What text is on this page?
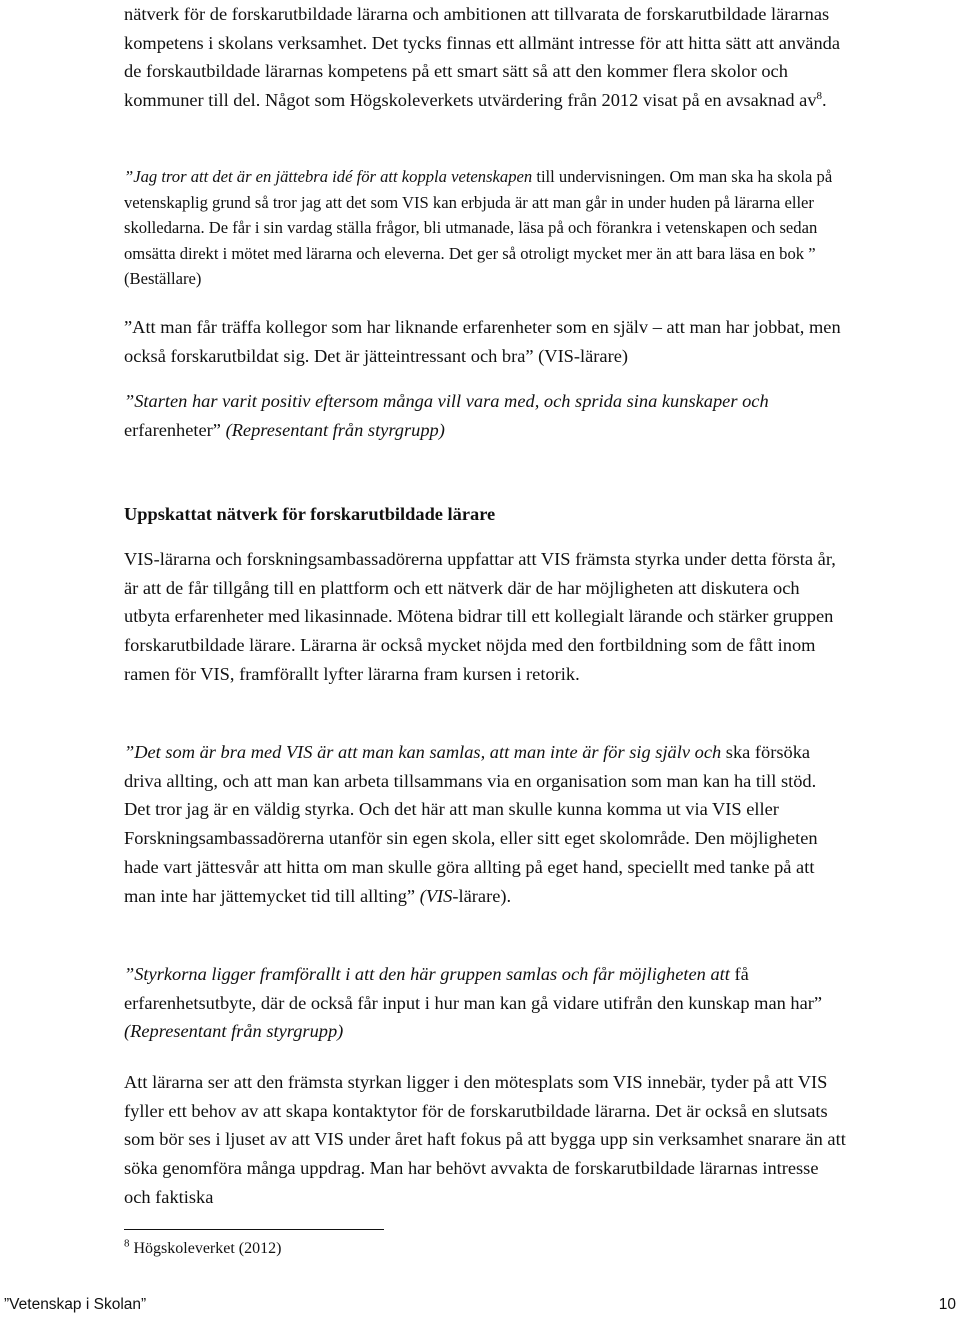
nätverk för de forskarutbildade lärarna och ambitionen att tillvarata de forskarutbildade lärarnas kompetens i skolans verksamhet. Det tycks finnas ett allmänt intresse för att hitta sätt att använda de forskautbildade lärarnas kompetens på ett smart sätt så att den kommer flera skolor och kommuner till del. Något som Högskoleverkets utvärdering från 2012 visat på en avsaknad $av^8$.

”Jag tror att det är en jättebra idé för att koppla vetenskapen till undervisningen. Om man ska ha skola på vetenskaplig grund så tror jag att det som VIS kan erbjuda är att man går in under huden på lärarna eller skolledarna. De får i sin vardag ställa frågor, bli utmanade, läsa på och förankra i vetenskapen och sedan omsätta direkt i mötet med lärarna och eleverna. Det ger så otroligt mycket mer än att bara läsa en bok ” (Beställare)

”Att man får träffa kollegor som har liknande erfarenheter som en själv – att man har jobbat, men också forskarutbildat sig. Det är jätteintressant och bra” (VIS-lärare)

”Starten har varit positiv eftersom många vill vara med, och sprida sina kunskaper och erfarenheter” (Representant från styrgrupp)

Uppskattat nätverk för forskarutbildade lärare

VIS-lärarna och forskningsambassadörerna uppfattar att VIS främsta styrka under detta första år, är att de får tillgång till en plattform och ett nätverk där de har möjligheten att diskutera och utbyta erfarenheter med likasinnade. Mötena bidrar till ett kollegialt lärande och stärker gruppen forskarutbildade lärare. Lärarna är också mycket nöjda med den fortbildning som de fått inom ramen för VIS, framförallt lyfter lärarna fram kursen i retorik.

”Det som är bra med VIS är att man kan samlas, att man inte är för sig själv och ska försöka driva allting, och att man kan arbeta tillsammans via en organisation som man kan ha till stöd. Det tror jag är en väldig styrka. Och det här att man skulle kunna komma ut via VIS eller Forskningsambassadörerna utanför sin egen skola, eller sitt eget skolområde. Den möjligheten hade vart jättesvår att hitta om man skulle göra allting på eget hand, speciellt med tanke på att man inte har jättemycket tid till allting” (VIS-lärare).

”Styrkorna ligger framförallt i att den här gruppen samlas och får möjligheten att få erfarenhetsutbyte, där de också får input i hur man kan gå vidare utifrån den kunskap man har” (Representant från styrgrupp)

Att lärarna ser att den främsta styrkan ligger i den mötesplats som VIS innebär, tyder på att VIS fyller ett behov av att skapa kontaktytor för de forskarutbildade lärarna. Det är också en slutsats som bör ses i ljuset av att VIS under året haft fokus på att bygga upp sin verksamhet snarare än att söka genomföra många uppdrag. Man har behövt avvakta de forskarutbildade lärarnas intresse och faktiska

$^8$ Högskoleverket (2012)
”Vetenskap i Skolan”	10
